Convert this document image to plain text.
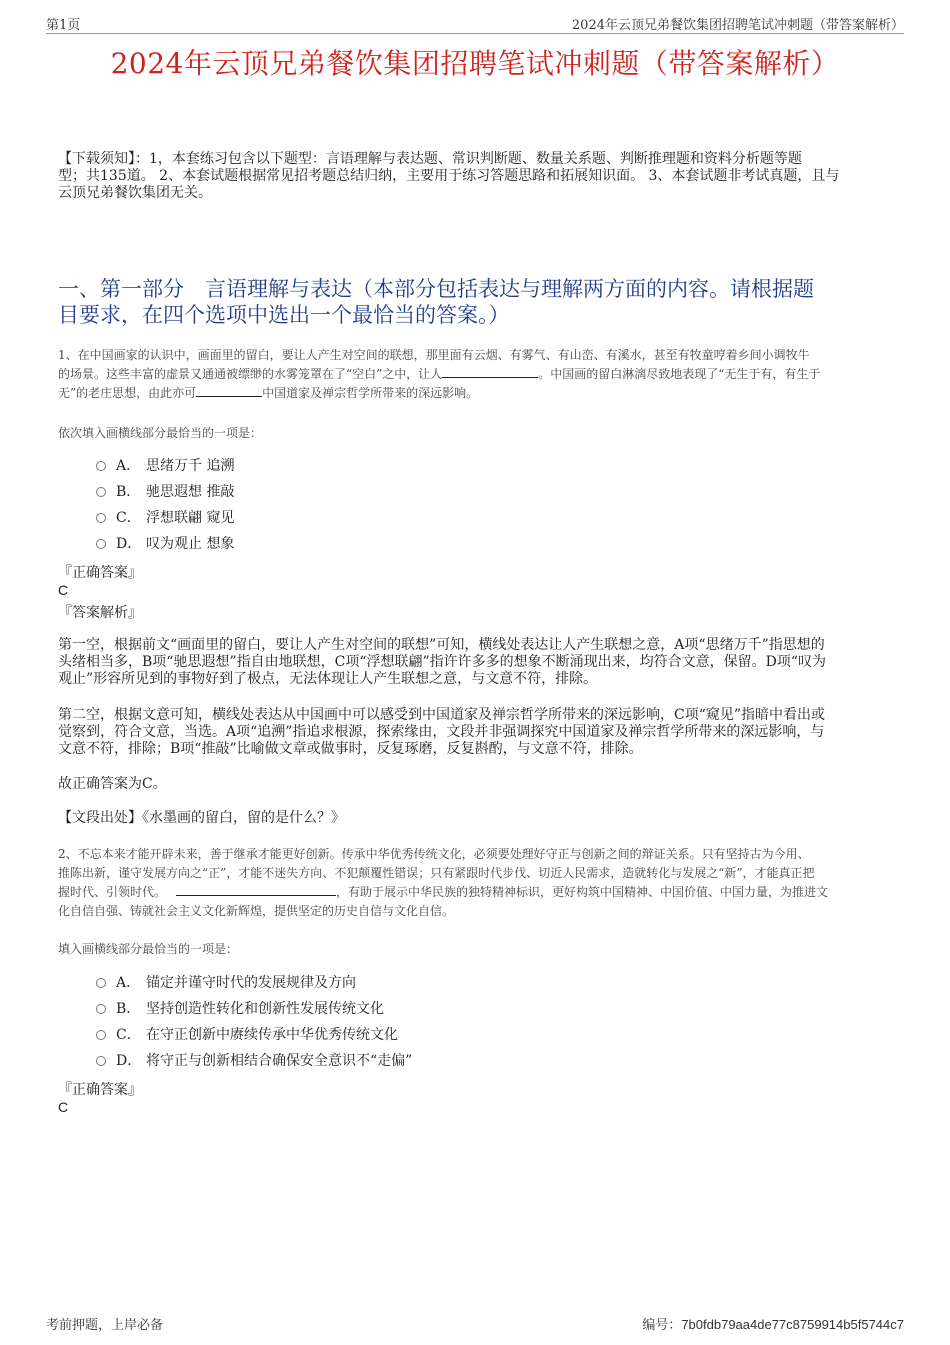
第1页	2024年云顶兄弟餐饮集团招聘笔试冲刺题（带答案解析）
2024年云顶兄弟餐饮集团招聘笔试冲刺题（带答案解析）
【下载须知】：1，本套练习包含以下题型：言语理解与表达题、常识判断题、数量关系题、判断推理题和资料分析题等题
型；共135道。 2、本套试题根据常见招考题总结归纳，主要用于练习答题思路和拓展知识面。 3、本套试题非考试真题，且与
云顶兄弟餐饮集团无关。
一、第一部分　言语理解与表达（本部分包括表达与理解两方面的内容。请根据题
目要求，在四个选项中选出一个最恰当的答案。）
1、在中国画家的认识中，画面里的留白，要让人产生对空间的联想，那里面有云烟、有雾气、有山峦、有溪水，甚至有牧童哼着乡间小调牧牛
的场景。这些丰富的虚景又通通被缥缈的水雾笼罩在了“空白”之中，让人	。中国画的留白淋漓尽致地表现了“无生于有，有生于
无”的老庄思想，由此亦可	中国道家及禅宗哲学所带来的深远影响。
依次填入画横线部分最恰当的一项是：
A． 思绪万千 追溯
B． 驰思遐想 推敲
C． 浮想联翩 窥见
D． 叹为观止 想象
『正确答案』
C
『答案解析』
第一空，根据前文“画面里的留白，要让人产生对空间的联想”可知，横线处表达让人产生联想之意，A项“思绪万千”指思想的
头绪相当多，B项“驰思遐想”指自由地联想，C项“浮想联翩”指许许多多的想象不断涌现出来，均符合文意，保留。D项“叹为
观止”形容所见到的事物好到了极点，无法体现让人产生联想之意，与文意不符，排除。
第二空，根据文意可知，横线处表达从中国画中可以感受到中国道家及禅宗哲学所带来的深远影响，C项“窥见”指暗中看出或
觉察到，符合文意，当选。A项“追溯”指追求根源，探索缘由，文段并非强调探究中国道家及禅宗哲学所带来的深远影响，与
文意不符，排除；B项“推敲”比喻做文章或做事时，反复琢磨，反复斟酌，与文意不符，排除。
故正确答案为C。
【文段出处】《水墨画的留白，留的是什么？》
2、不忘本来才能开辟未来，善于继承才能更好创新。传承中华优秀传统文化，必须要处理好守正与创新之间的辩证关系。只有坚持古为今用、
推陈出新，谨守发展方向之“正”，才能不迷失方向、不犯颠覆性错误；只有紧跟时代步伐、切近人民需求，造就转化与发展之“新”，才能真正把
握时代、引领时代。	，有助于展示中华民族的独特精神标识，更好构筑中国精神、中国价值、中国力量，为推进文
化自信自强、铸就社会主义文化新辉煌，提供坚定的历史自信与文化自信。
填入画横线部分最恰当的一项是：
A． 锚定并谨守时代的发展规律及方向
B． 坚持创造性转化和创新性发展传统文化
C． 在守正创新中赓续传承中华优秀传统文化
D． 将守正与创新相结合确保安全意识不“走偏”
『正确答案』
C
考前押题，上岸必备	编号：7b0fdb79aa4de77c8759914b5f5744c7
